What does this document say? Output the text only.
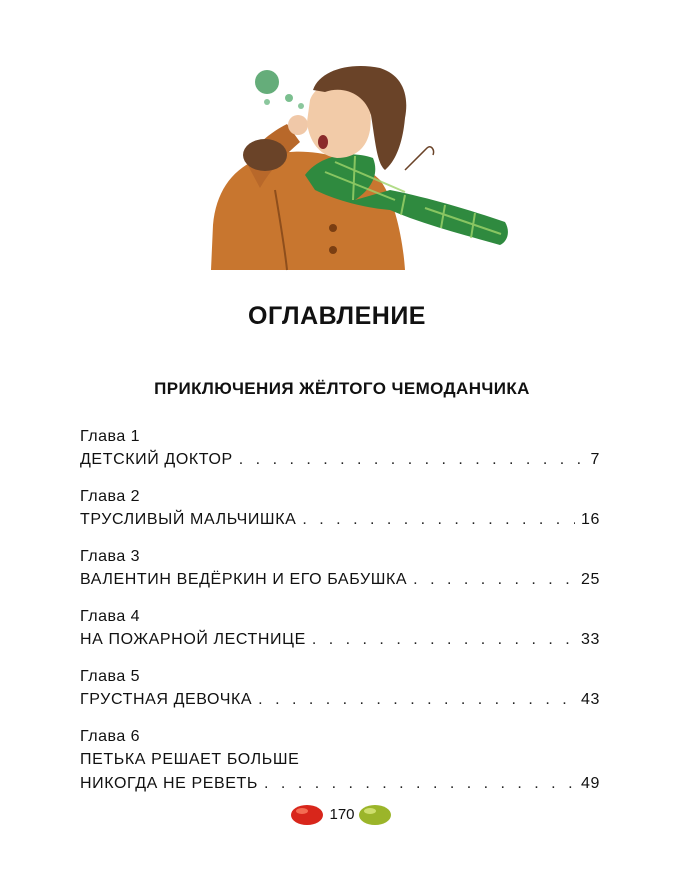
ОГЛАВЛЕНИЕ
ПРИКЛЮЧЕНИЯ ЖЁЛТОГО ЧЕМОДАНЧИКА
Глава 1
ДЕТСКИЙ ДОКТОР . . .	7
Глава 2
ТРУСЛИВЫЙ МАЛЬЧИШКА . . .	16
Глава 3
ВАЛЕНТИН ВЕДЁРКИН И ЕГО БАБУШКА . . .	25
Глава 4
НА ПОЖАРНОЙ ЛЕСТНИЦЕ . . .	33
Глава 5
ГРУСТНАЯ ДЕВОЧКА . . .	43
Глава 6
ПЕТЬКА РЕШАЕТ БОЛЬШЕ
НИКОГДА НЕ РЕВЕТЬ . . .	49
170
